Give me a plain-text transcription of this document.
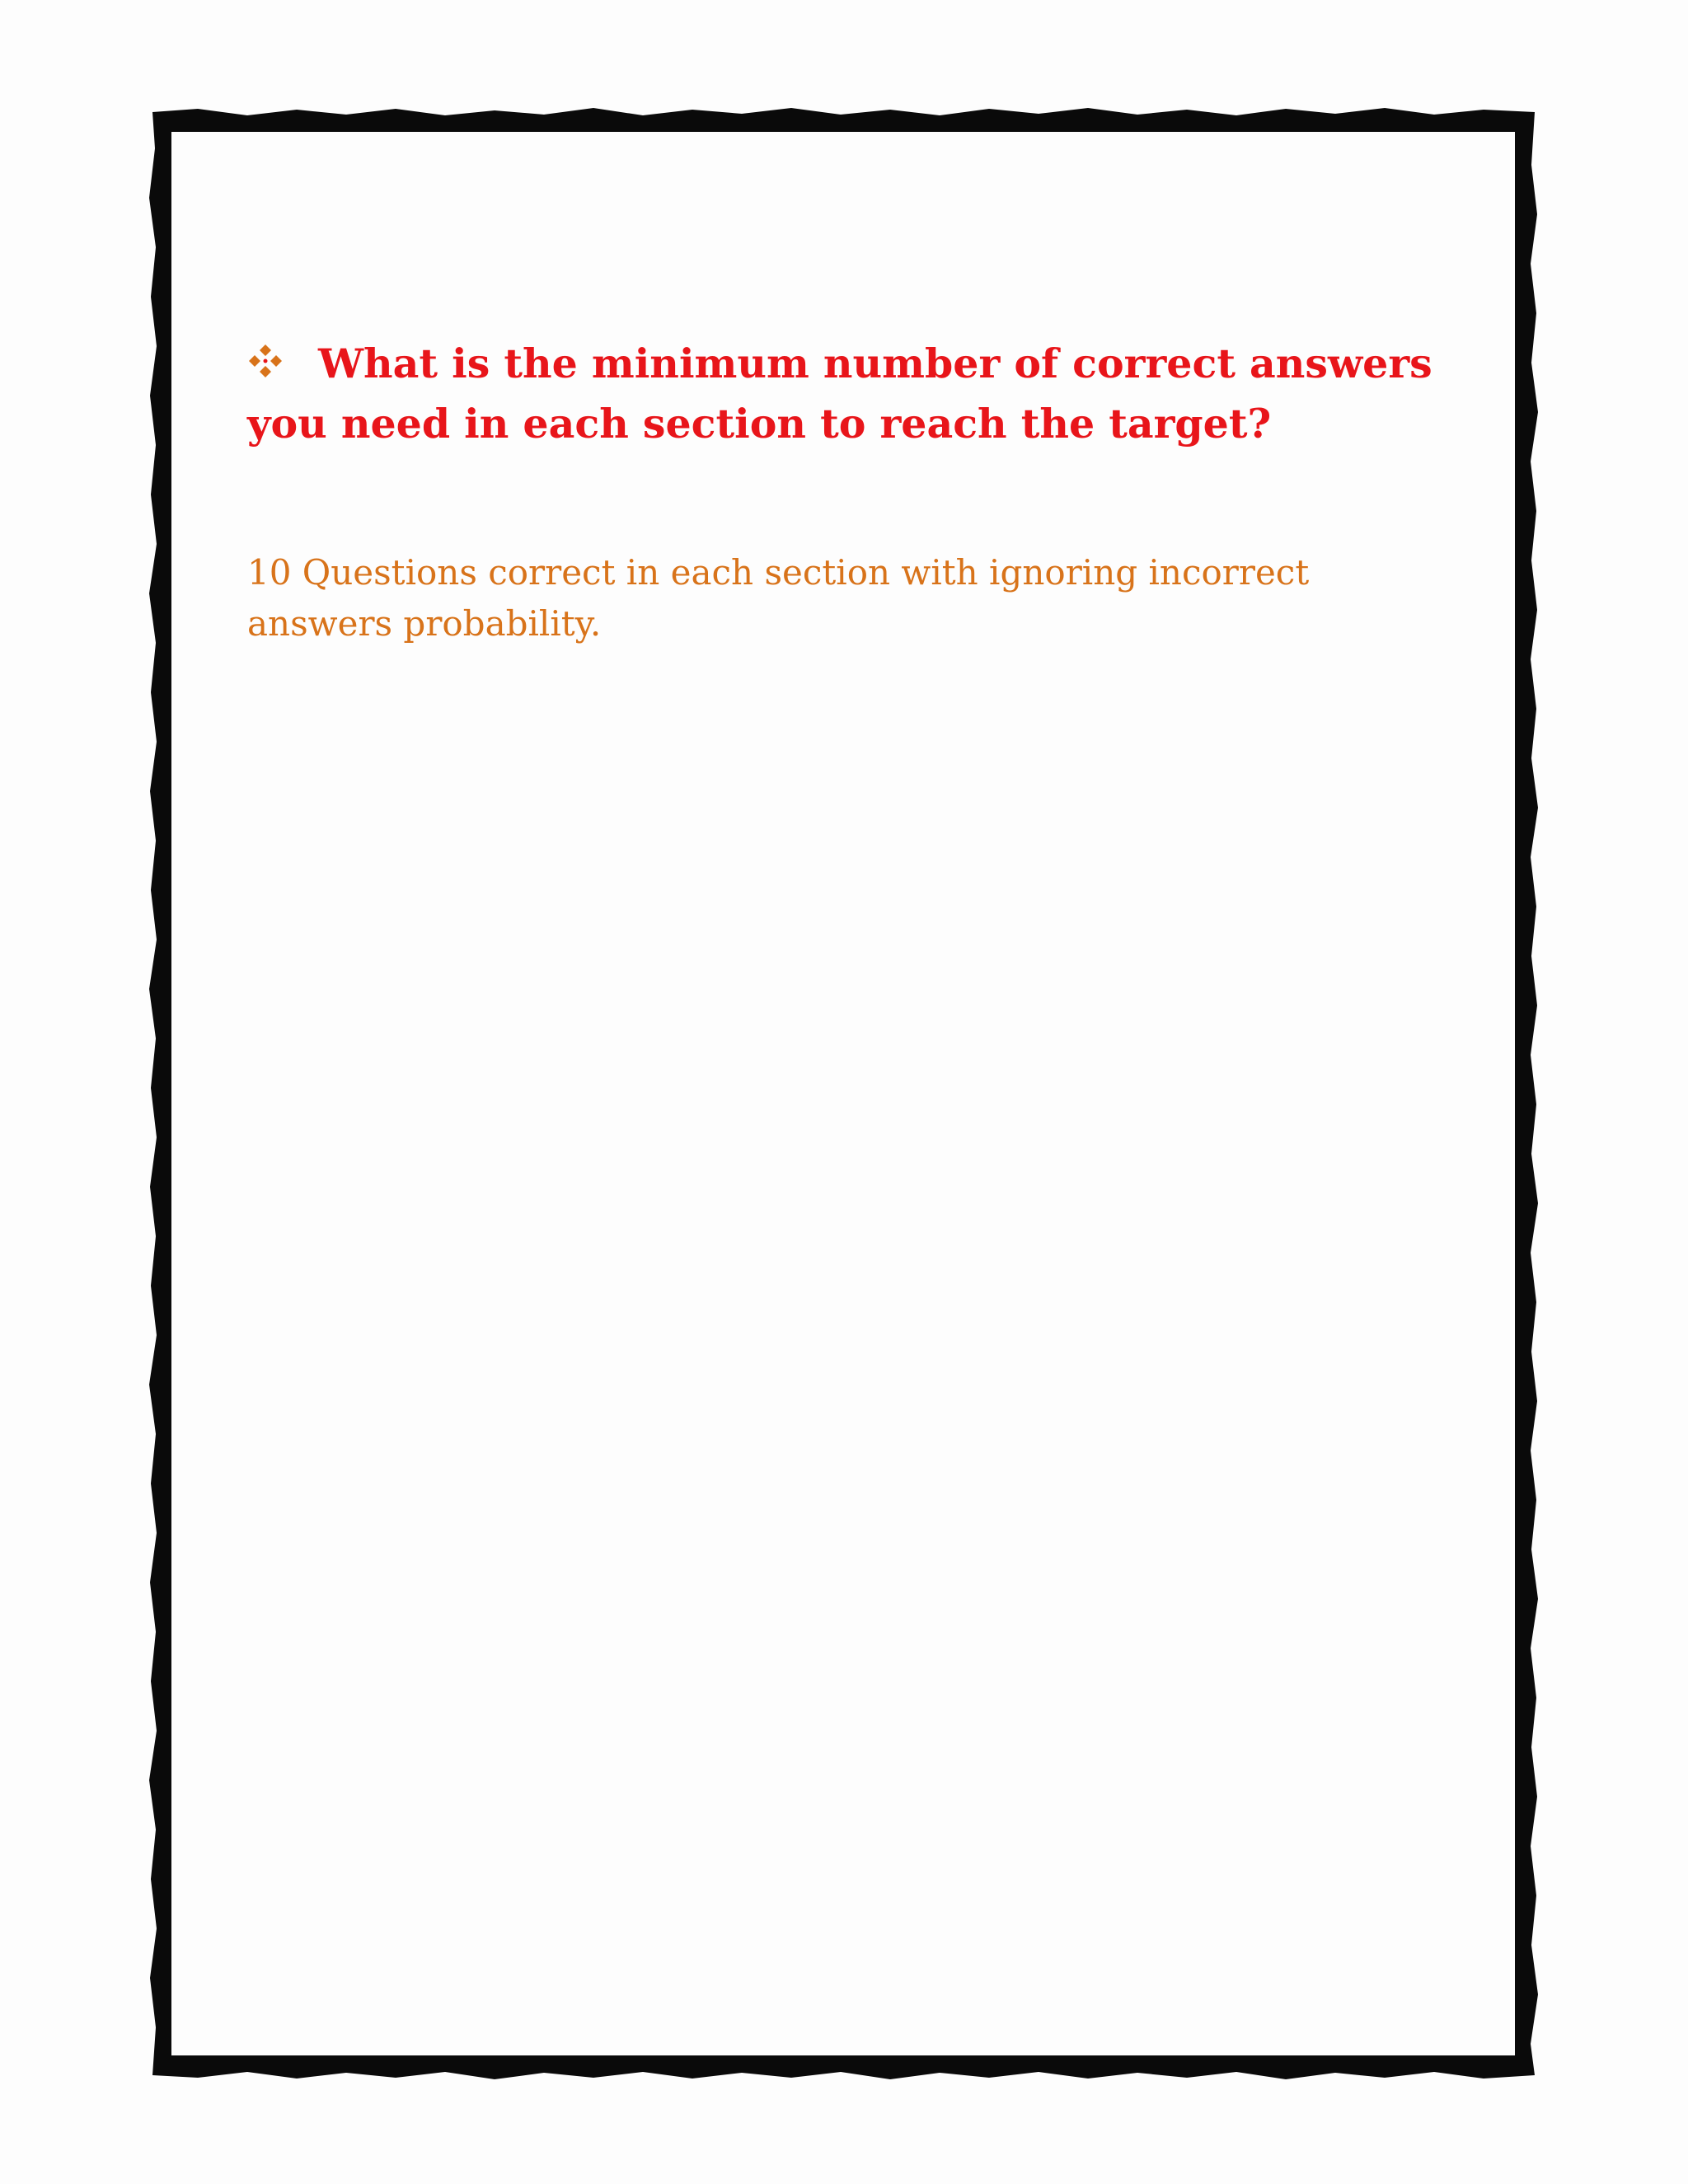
What is the minimum number of correct answers you need in each section to reach the target?

10 Questions correct in each section with ignoring incorrect answers probability.
